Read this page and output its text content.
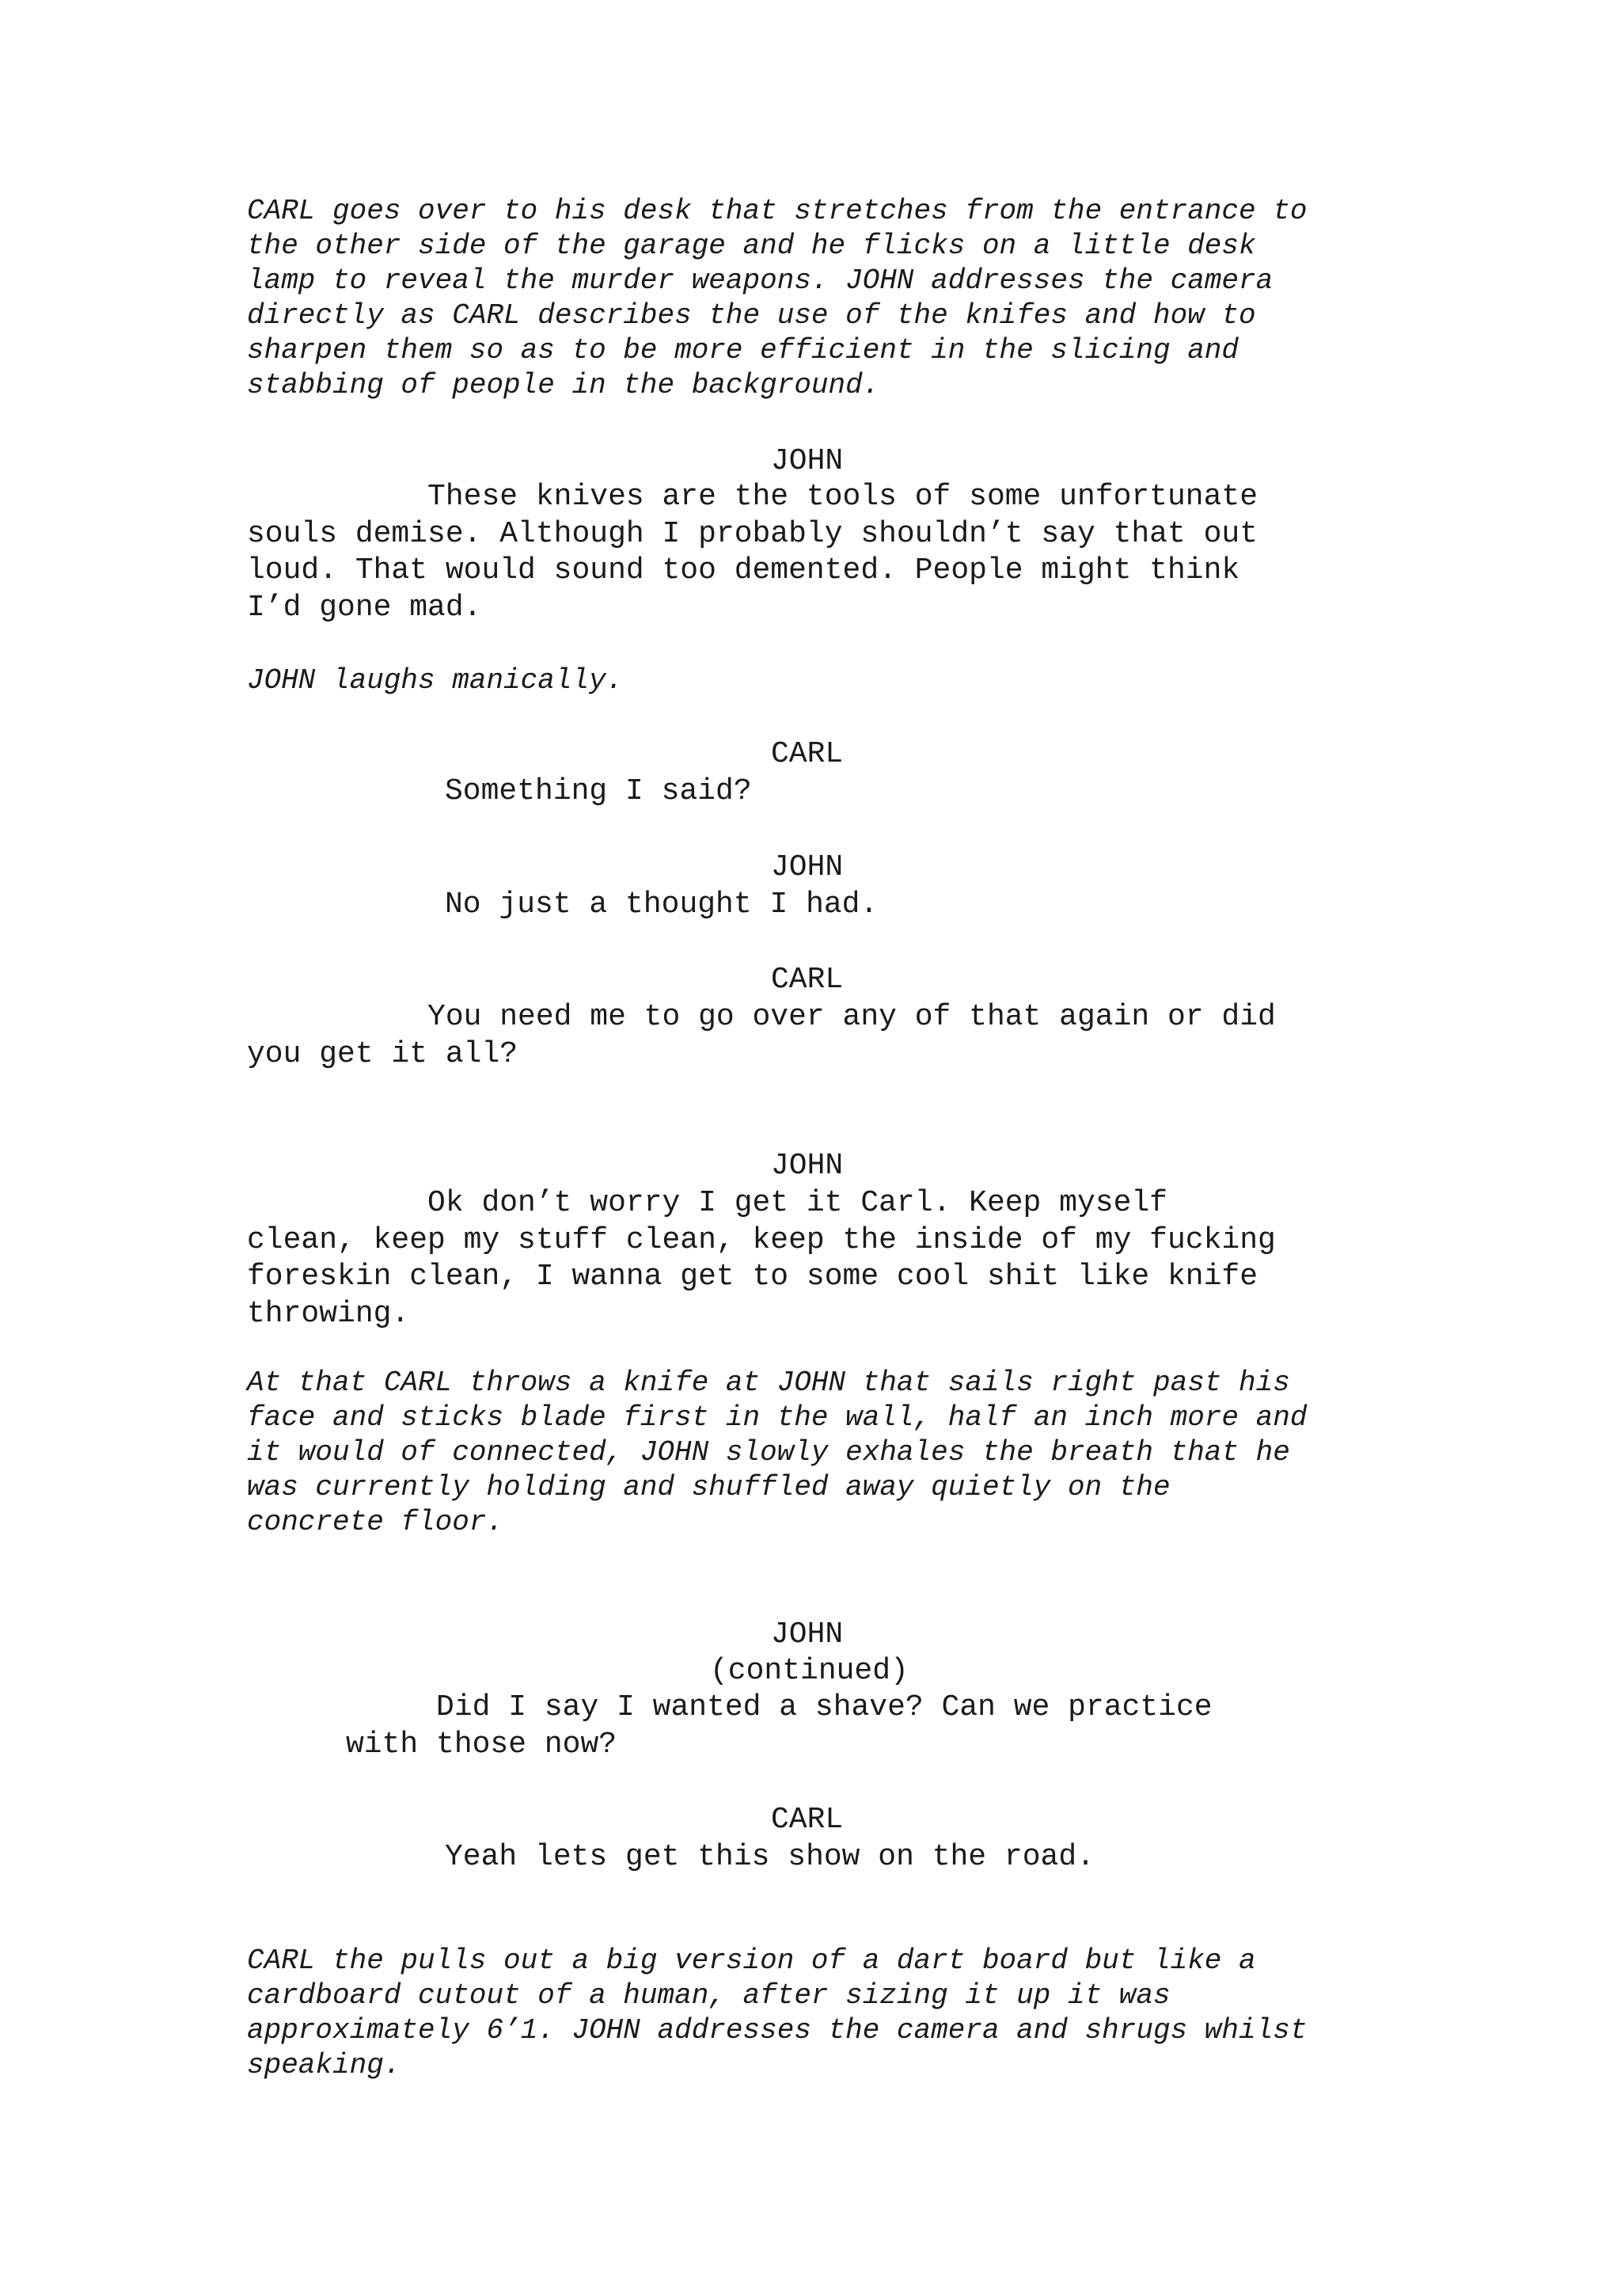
CARL goes over to his desk that stretches from the entrance to
the other side of the garage and he flicks on a little desk
lamp to reveal the murder weapons. JOHN addresses the camera
directly as CARL describes the use of the knifes and how to
sharpen them so as to be more efficient in the slicing and
stabbing of people in the background.

JOHN

These knives are the tools of some unfortunate
souls demise. Although I probably shouldn’t say that out
loud. That would sound too demented. People might think
I’d gone mad.

JOHN laughs manically.

CARL

Something I said?

JOHN

No just a thought I had.

CARL

You need me to go over any of that again or did
you get it all?

JOHN

Ok don’t worry I get it Carl. Keep myself
clean, keep my stuff clean, keep the inside of my fucking
foreskin clean, I wanna get to some cool shit like knife
throwing.

At that CARL throws a knife at JOHN that sails right past his
face and sticks blade first in the wall, half an inch more and
it would of connected, JOHN slowly exhales the breath that he
was currently holding and shuffled away quietly on the
concrete floor.

JOHN

(continued)

Did I say I wanted a shave? Can we practice
with those now?

CARL

Yeah lets get this show on the road.

CARL the pulls out a big version of a dart board but like a
cardboard cutout of a human, after sizing it up it was
approximately 6’1. JOHN addresses the camera and shrugs whilst
speaking.
